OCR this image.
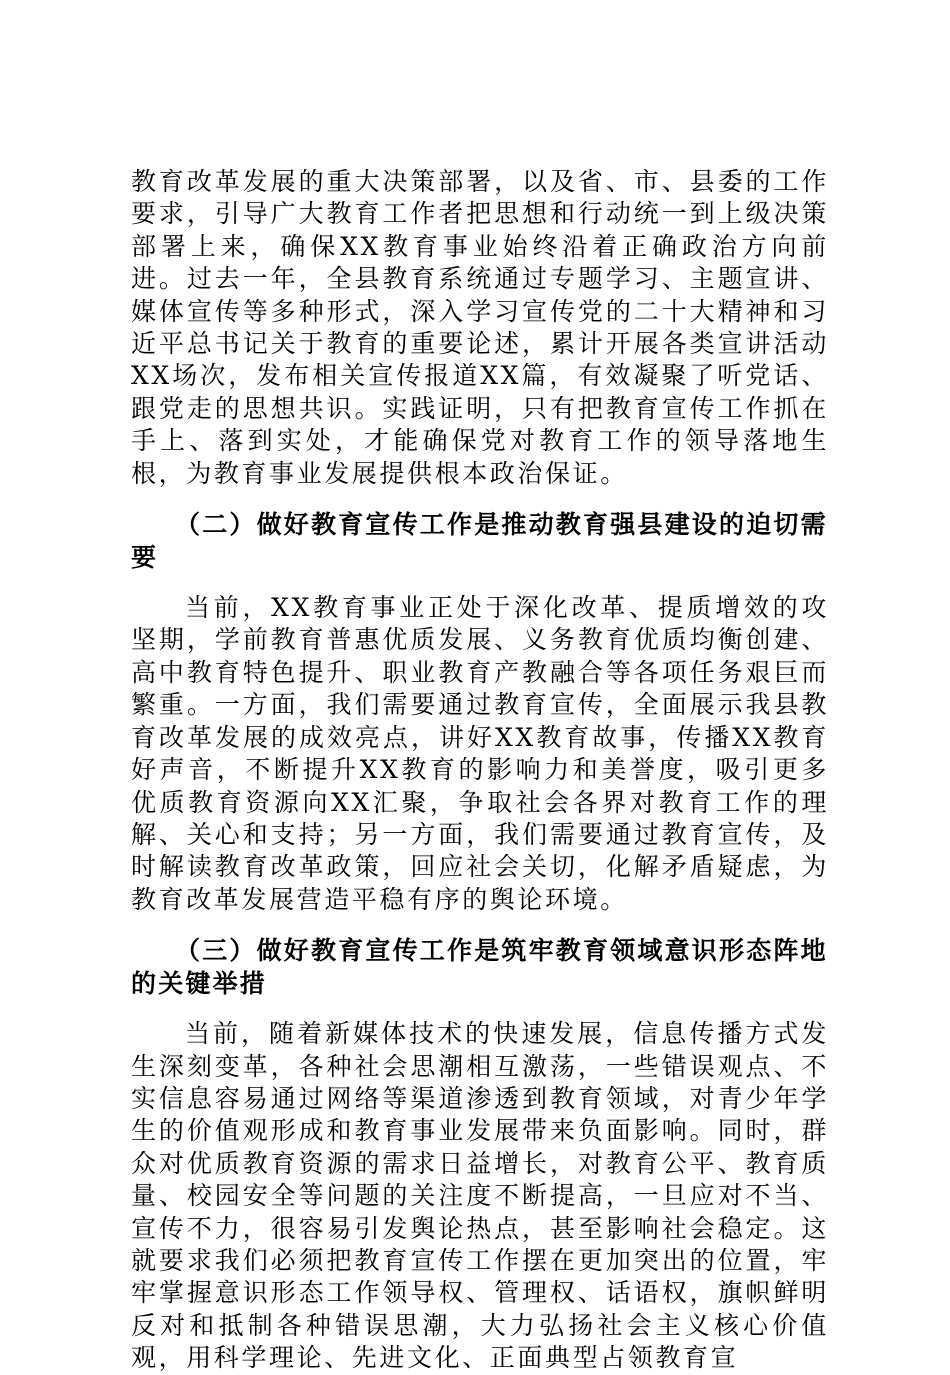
教育改革发展的重大决策部署，以及省、市、县委的工作要求，引导广大教育工作者把思想和行动统一到上级决策部署上来，确保XX教育事业始终沿着正确政治方向前进。过去一年，全县教育系统通过专题学习、主题宣讲、媒体宣传等多种形式，深入学习宣传党的二十大精神和习近平总书记关于教育的重要论述，累计开展各类宣讲活动XX场次，发布相关宣传报道XX篇，有效凝聚了听党话、跟党走的思想共识。实践证明，只有把教育宣传工作抓在手上、落到实处，才能确保党对教育工作的领导落地生根，为教育事业发展提供根本政治保证。

（二）做好教育宣传工作是推动教育强县建设的迫切需要

当前，XX教育事业正处于深化改革、提质增效的攻坚期，学前教育普惠优质发展、义务教育优质均衡创建、高中教育特色提升、职业教育产教融合等各项任务艰巨而繁重。一方面，我们需要通过教育宣传，全面展示我县教育改革发展的成效亮点，讲好XX教育故事，传播XX教育好声音，不断提升XX教育的影响力和美誉度，吸引更多优质教育资源向XX汇聚，争取社会各界对教育工作的理解、关心和支持；另一方面，我们需要通过教育宣传，及时解读教育改革政策，回应社会关切，化解矛盾疑虑，为教育改革发展营造平稳有序的舆论环境。

（三）做好教育宣传工作是筑牢教育领域意识形态阵地的关键举措

当前，随着新媒体技术的快速发展，信息传播方式发生深刻变革，各种社会思潮相互激荡，一些错误观点、不实信息容易通过网络等渠道渗透到教育领域，对青少年学生的价值观形成和教育事业发展带来负面影响。同时，群众对优质教育资源的需求日益增长，对教育公平、教育质量、校园安全等问题的关注度不断提高，一旦应对不当、宣传不力，很容易引发舆论热点，甚至影响社会稳定。这就要求我们必须把教育宣传工作摆在更加突出的位置，牢牢掌握意识形态工作领导权、管理权、话语权，旗帜鲜明反对和抵制各种错误思潮，大力弘扬社会主义核心价值观，用科学理论、先进文化、正面典型占领教育宣
